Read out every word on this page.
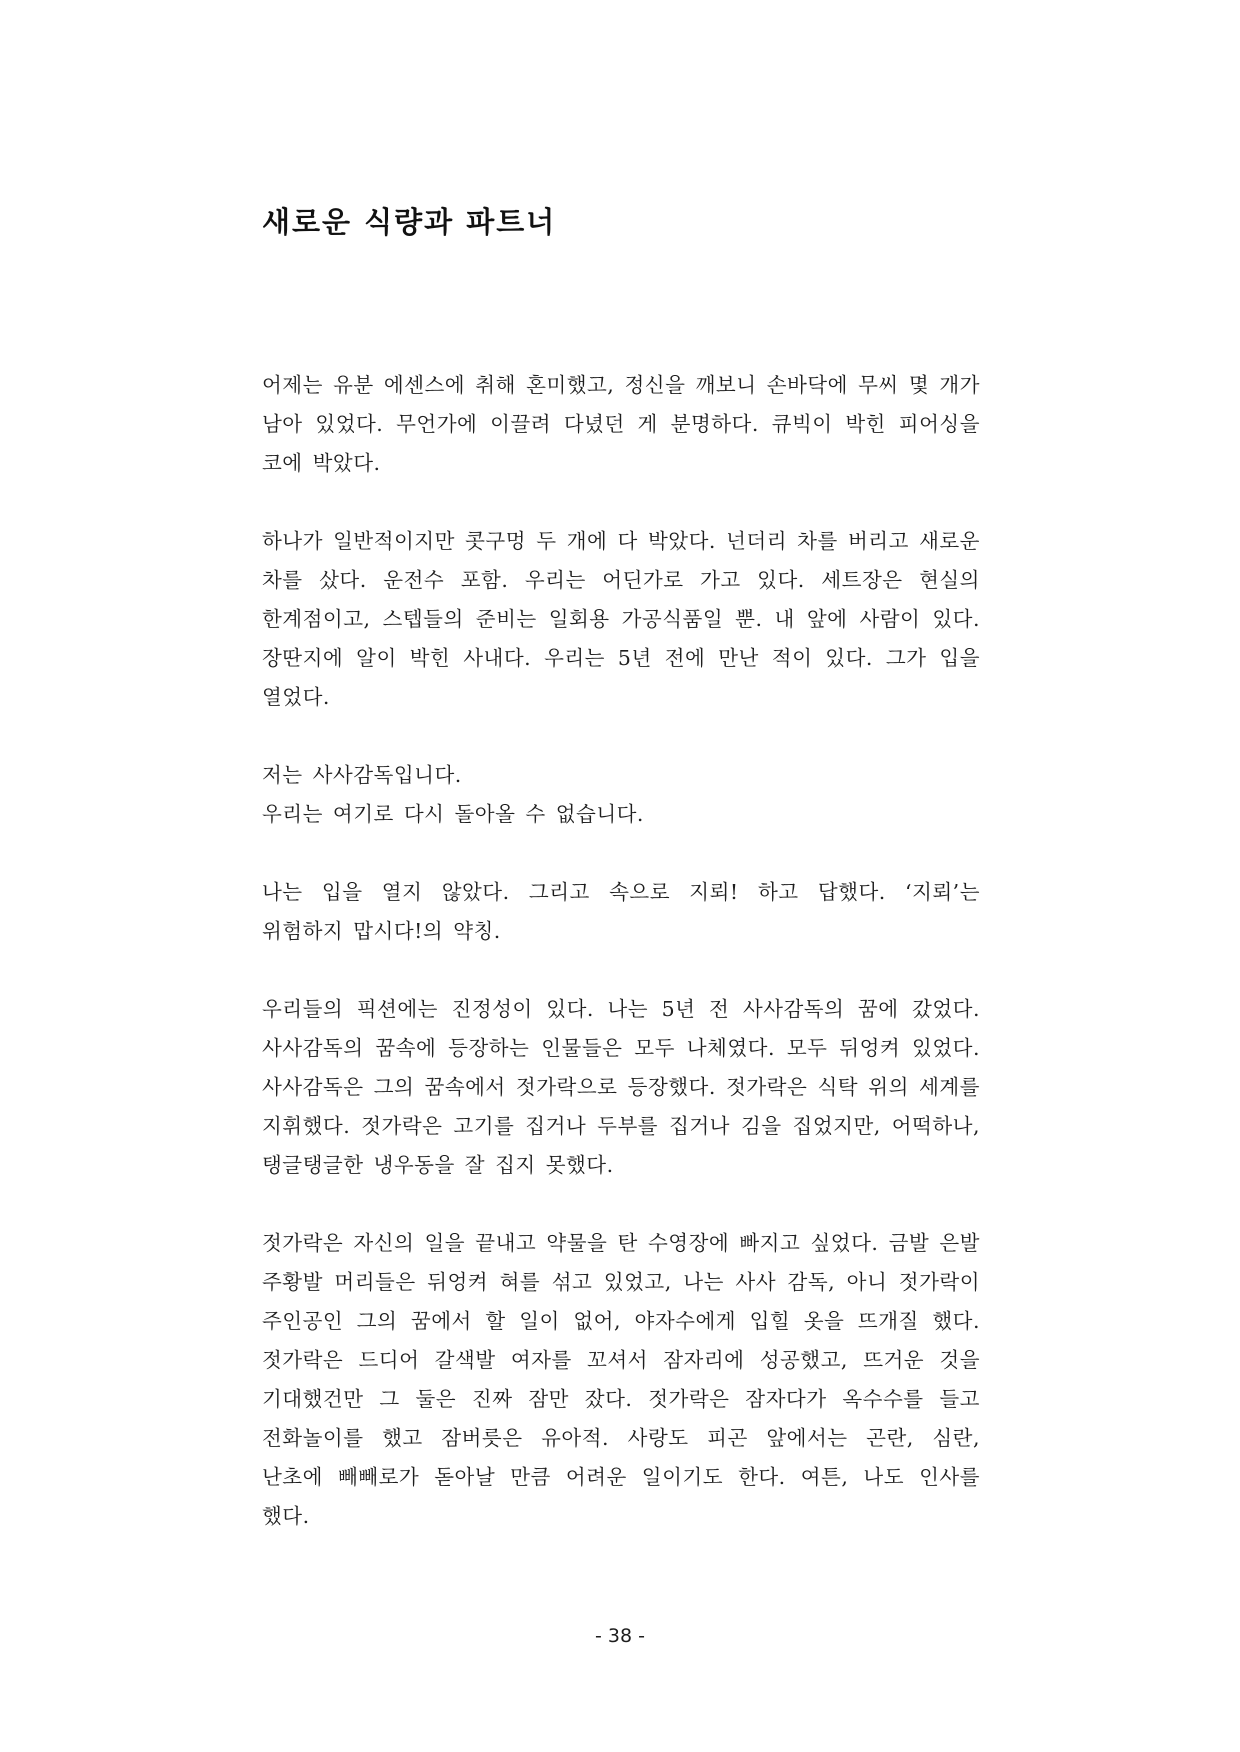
새로운 식량과 파트너

어제는 유분 에센스에 취해 혼미했고, 정신을 깨보니 손바닥에 무씨 몇 개가 남아 있었다. 무언가에 이끌려 다녔던 게 분명하다. 큐빅이 박힌 피어싱을 코에 박았다.

하나가 일반적이지만 콧구멍 두 개에 다 박았다. 넌더리 차를 버리고 새로운 차를 샀다. 운전수 포함. 우리는 어딘가로 가고 있다. 세트장은 현실의 한계점이고, 스텝들의 준비는 일회용 가공식품일 뿐. 내 앞에 사람이 있다. 장딴지에 알이 박힌 사내다. 우리는 5년 전에 만난 적이 있다. 그가 입을 열었다.

저는 사사감독입니다.
우리는 여기로 다시 돌아올 수 없습니다.

나는 입을 열지 않았다. 그리고 속으로 지뢰! 하고 답했다. ‘지뢰’는 위험하지 맙시다!의 약칭.

우리들의 픽션에는 진정성이 있다. 나는 5년 전 사사감독의 꿈에 갔었다. 사사감독의 꿈속에 등장하는 인물들은 모두 나체였다. 모두 뒤엉켜 있었다. 사사감독은 그의 꿈속에서 젓가락으로 등장했다. 젓가락은 식탁 위의 세계를 지휘했다. 젓가락은 고기를 집거나 두부를 집거나 김을 집었지만, 어떡하나, 탱글탱글한 냉우동을 잘 집지 못했다.

젓가락은 자신의 일을 끝내고 약물을 탄 수영장에 빠지고 싶었다. 금발 은발 주황발 머리들은 뒤엉켜 혀를 섞고 있었고, 나는 사사 감독, 아니 젓가락이 주인공인 그의 꿈에서 할 일이 없어, 야자수에게 입힐 옷을 뜨개질 했다. 젓가락은 드디어 갈색발 여자를 꼬셔서 잠자리에 성공했고, 뜨거운 것을 기대했건만 그 둘은 진짜 잠만 잤다. 젓가락은 잠자다가 옥수수를 들고 전화놀이를 했고 잠버릇은 유아적. 사랑도 피곤 앞에서는 곤란, 심란, 난초에 빼빼로가 돋아날 만큼 어려운 일이기도 한다. 여튼, 나도 인사를 했다.

- 38 -
